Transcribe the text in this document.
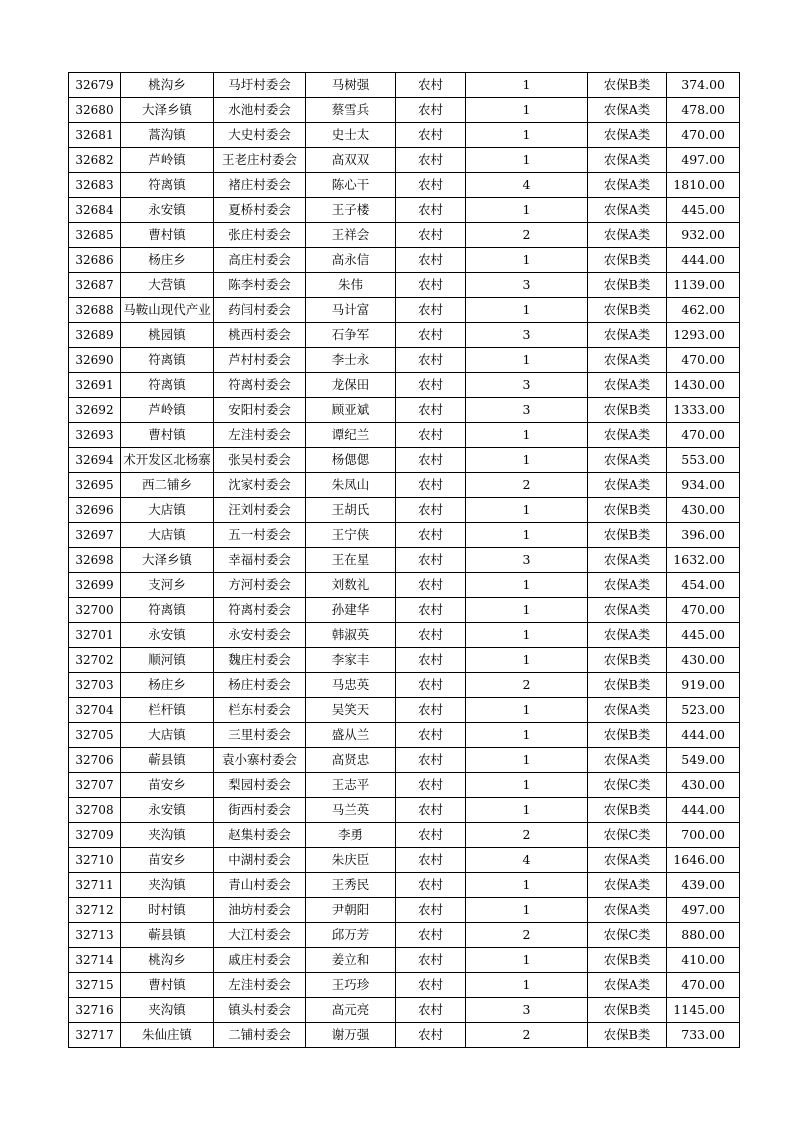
32679	桃沟乡	马圩村委会	马树强	农村	1	农保B类	374.00
32680	大泽乡镇	水池村委会	蔡雪兵	农村	1	农保A类	478.00
32681	蒿沟镇	大史村委会	史士太	农村	1	农保A类	470.00
32682	芦岭镇	王老庄村委会	高双双	农村	1	农保A类	497.00
32683	符离镇	褚庄村委会	陈心干	农村	4	农保A类	1810.00
32684	永安镇	夏桥村委会	王子楼	农村	1	农保A类	445.00
32685	曹村镇	张庄村委会	王祥会	农村	2	农保A类	932.00
32686	杨庄乡	高庄村委会	高永信	农村	1	农保B类	444.00
32687	大营镇	陈李村委会	朱伟	农村	3	农保B类	1139.00
32688	马鞍山现代产业	药闫村委会	马计富	农村	1	农保B类	462.00
32689	桃园镇	桃西村委会	石争军	农村	3	农保A类	1293.00
32690	符离镇	芦村村委会	李士永	农村	1	农保A类	470.00
32691	符离镇	符离村委会	龙保田	农村	3	农保A类	1430.00
32692	芦岭镇	安阳村委会	顾亚斌	农村	3	农保B类	1333.00
32693	曹村镇	左洼村委会	谭纪兰	农村	1	农保A类	470.00
32694	术开发区北杨寨	张吴村委会	杨偲偲	农村	1	农保A类	553.00
32695	西二铺乡	沈家村委会	朱凤山	农村	2	农保A类	934.00
32696	大店镇	汪刘村委会	王胡氏	农村	1	农保B类	430.00
32697	大店镇	五一村委会	王宁侠	农村	1	农保B类	396.00
32698	大泽乡镇	幸福村委会	王在星	农村	3	农保A类	1632.00
32699	支河乡	方河村委会	刘数礼	农村	1	农保A类	454.00
32700	符离镇	符离村委会	孙建华	农村	1	农保A类	470.00
32701	永安镇	永安村委会	韩淑英	农村	1	农保A类	445.00
32702	顺河镇	魏庄村委会	李家丰	农村	1	农保B类	430.00
32703	杨庄乡	杨庄村委会	马忠英	农村	2	农保B类	919.00
32704	栏杆镇	栏东村委会	吴笑天	农村	1	农保A类	523.00
32705	大店镇	三里村委会	盛从兰	农村	1	农保B类	444.00
32706	蕲县镇	袁小寨村委会	高贤忠	农村	1	农保A类	549.00
32707	苗安乡	梨园村委会	王志平	农村	1	农保C类	430.00
32708	永安镇	街西村委会	马兰英	农村	1	农保B类	444.00
32709	夹沟镇	赵集村委会	李勇	农村	2	农保C类	700.00
32710	苗安乡	中湖村委会	朱庆臣	农村	4	农保A类	1646.00
32711	夹沟镇	青山村委会	王秀民	农村	1	农保A类	439.00
32712	时村镇	油坊村委会	尹朝阳	农村	1	农保A类	497.00
32713	蕲县镇	大江村委会	邱万芳	农村	2	农保C类	880.00
32714	桃沟乡	戚庄村委会	姜立和	农村	1	农保B类	410.00
32715	曹村镇	左洼村委会	王巧珍	农村	1	农保A类	470.00
32716	夹沟镇	镇头村委会	高元亮	农村	3	农保B类	1145.00
32717	朱仙庄镇	二铺村委会	谢万强	农村	2	农保B类	733.00
